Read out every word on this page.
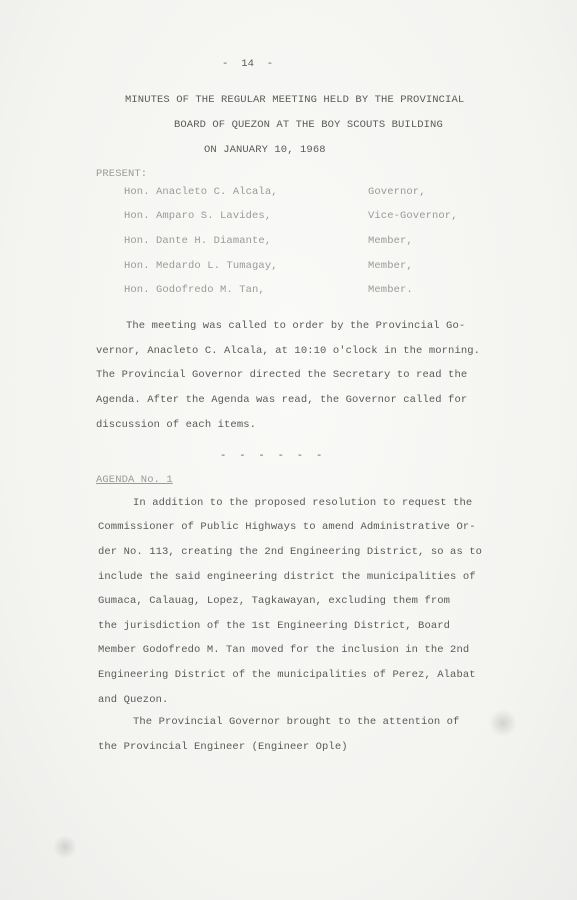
-  14  -
MINUTES OF THE REGULAR MEETING HELD BY THE PROVINCIAL
BOARD OF QUEZON AT THE BOY SCOUTS BUILDING
ON JANUARY 10, 1968
PRESENT:
Hon. Anacleto C. Alcala,	Governor,
Hon. Amparo S. Lavides,	Vice-Governor,
Hon. Dante H. Diamante,	Member,
Hon. Medardo L. Tumagay,	Member,
Hon. Godofredo M. Tan,	Member.
The meeting was called to order by the Provincial Go-
vernor, Anacleto C. Alcala, at 10:10 o'clock in the morning.
The Provincial Governor directed the Secretary to read the
Agenda. After the Agenda was read, the Governor called for
discussion of each items.
-  -  -  -  -  -
AGENDA No. 1
In addition to the proposed resolution to request the
Commissioner of Public Highways to amend Administrative Or-
der No. 113, creating the 2nd Engineering District, so as to
include the said engineering district the municipalities of
Gumaca, Calauag, Lopez, Tagkawayan, excluding them from
the jurisdiction of the 1st Engineering District, Board
Member Godofredo M. Tan moved for the inclusion in the 2nd
Engineering District of the municipalities of Perez, Alabat
and Quezon.
The Provincial Governor brought to the attention of
the Provincial Engineer (Engineer Ople)
